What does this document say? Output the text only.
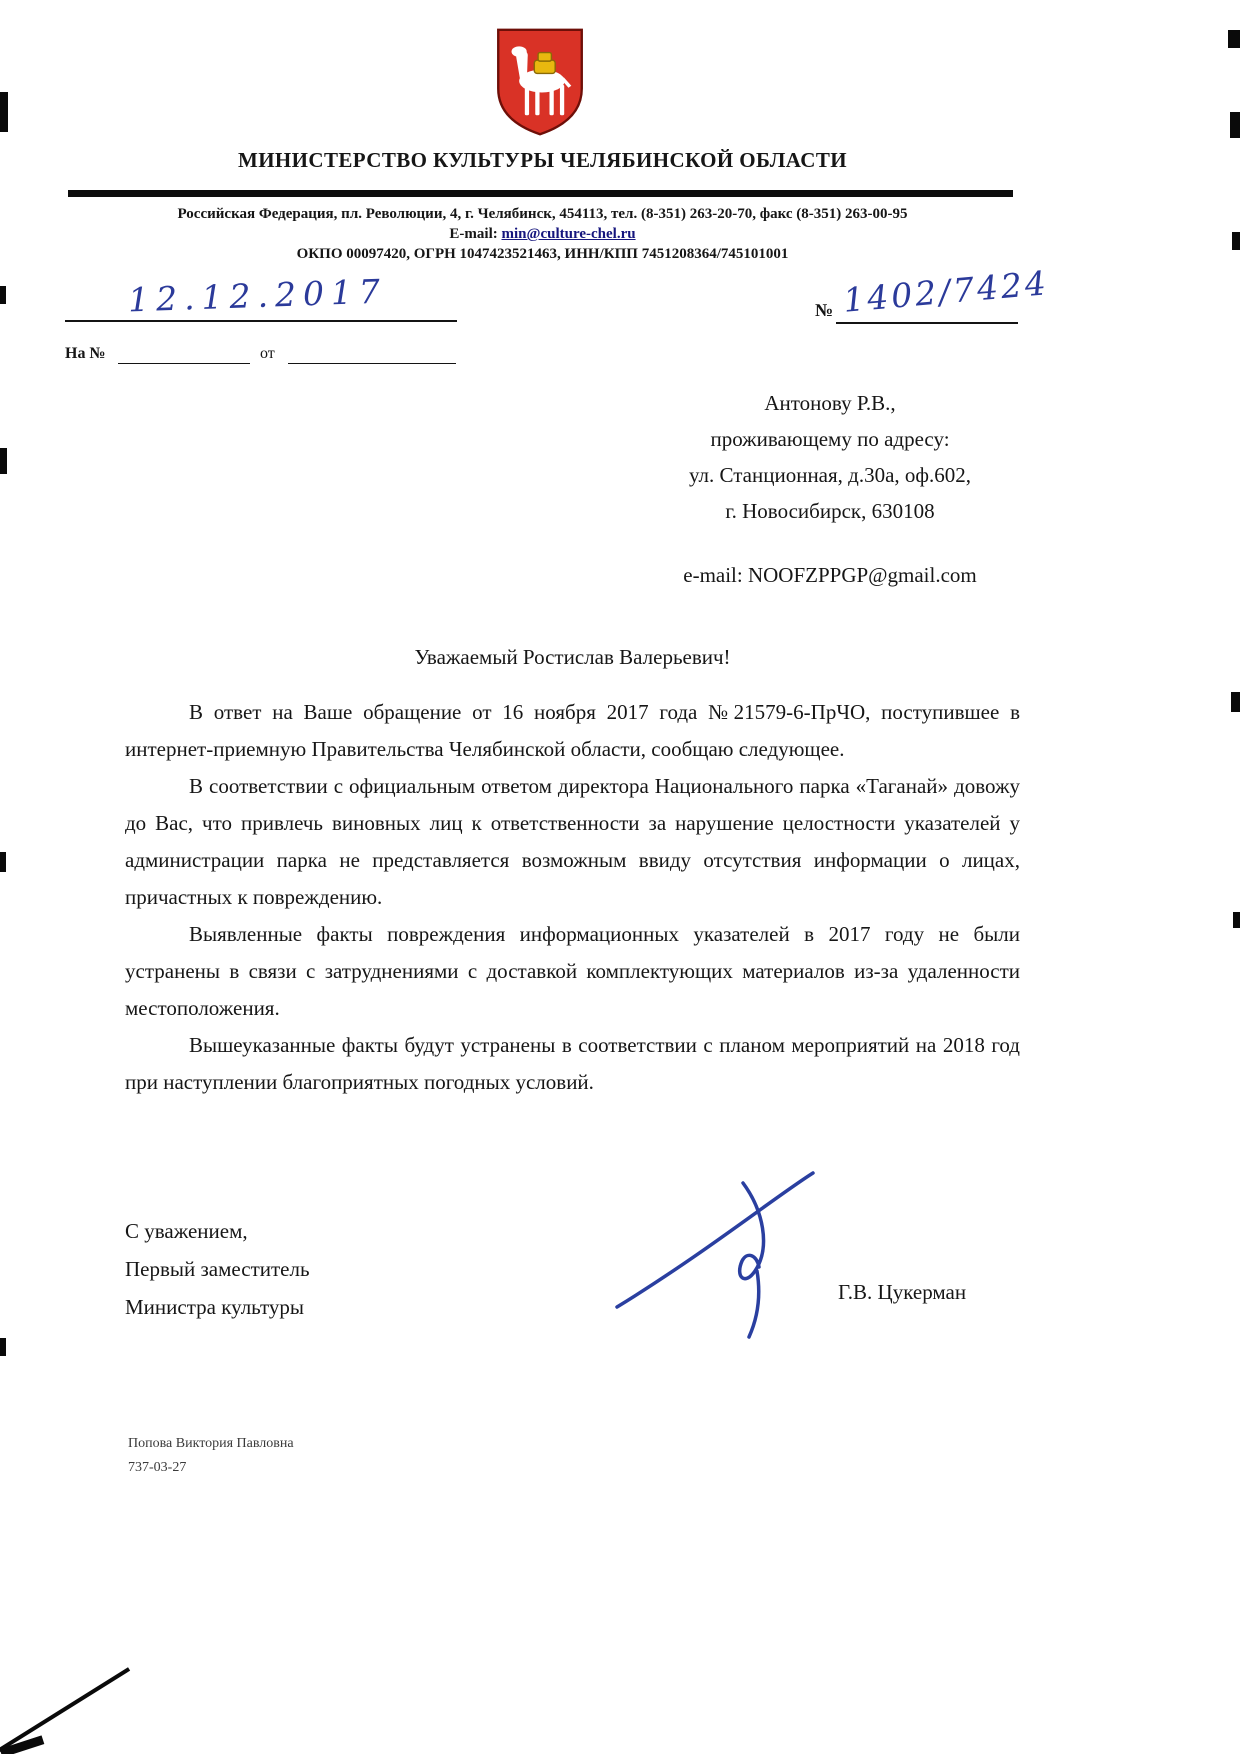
МИНИСТЕРСТВО КУЛЬТУРЫ ЧЕЛЯБИНСКОЙ ОБЛАСТИ
Российская Федерация, пл. Революции, 4, г. Челябинск, 454113, тел. (8-351) 263-20-70, факс (8-351) 263-00-95
E-mail: min@culture-chel.ru
ОКПО 00097420, ОГРН 1047423521463, ИНН/КПП 7451208364/745101001
12.12.2017	№ 1402/7424
На №	от
Антонову Р.В.,
проживающему по адресу:
ул. Станционная, д.30а, оф.602,
г. Новосибирск, 630108
e-mail: NOOFZPPGP@gmail.com
Уважаемый Ростислав Валерьевич!

В ответ на Ваше обращение от 16 ноября 2017 года №21579-6-ПрЧО, поступившее в интернет-приемную Правительства Челябинской области, сообщаю следующее.

В соответствии с официальным ответом директора Национального парка «Таганай» довожу до Вас, что привлечь виновных лиц к ответственности за нарушение целостности указателей у администрации парка не представляется возможным ввиду отсутствия информации о лицах, причастных к повреждению.

Выявленные факты повреждения информационных указателей в 2017 году не были устранены в связи с затруднениями с доставкой комплектующих материалов из-за удаленности местоположения.

Вышеуказанные факты будут устранены в соответствии с планом мероприятий на 2018 год при наступлении благоприятных погодных условий.

С уважением,
Первый заместитель
Министра культуры
Г.В. Цукерман
Попова Виктория Павловна
737-03-27
